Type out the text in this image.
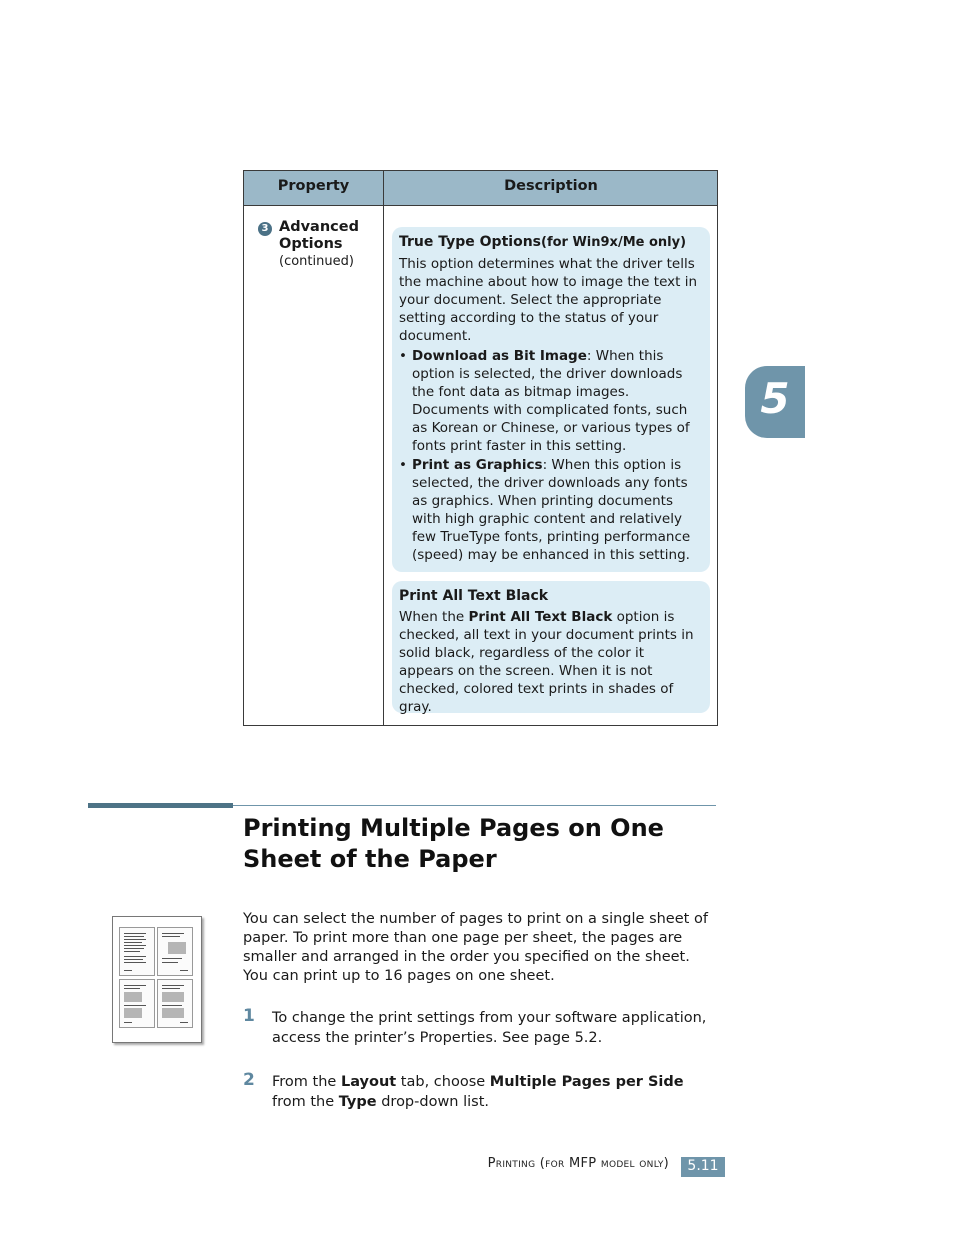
Property	Description
3 Advanced Options
(continued)
True Type Options(for Win9x/Me only)

This option determines what the driver tells the machine about how to image the text in your document. Select the appropriate setting according to the status of your document.

• Download as Bit Image: When this option is selected, the driver downloads the font data as bitmap images. Documents with complicated fonts, such as Korean or Chinese, or various types of fonts print faster in this setting.
• Print as Graphics: When this option is selected, the driver downloads any fonts as graphics. When printing documents with high graphic content and relatively few TrueType fonts, printing performance (speed) may be enhanced in this setting.
Print All Text Black

When the Print All Text Black option is checked, all text in your document prints in solid black, regardless of the color it appears on the screen. When it is not checked, colored text prints in shades of gray.

5
Printing Multiple Pages on One Sheet of the Paper
You can select the number of pages to print on a single sheet of paper. To print more than one page per sheet, the pages are smaller and arranged in the order you specified on the sheet. You can print up to 16 pages on one sheet.
1 To change the print settings from your software application, access the printer’s Properties. See page 5.2.
2 From the Layout tab, choose Multiple Pages per Side from the Type drop-down list.
Printing (for MFP model only)	5.11
